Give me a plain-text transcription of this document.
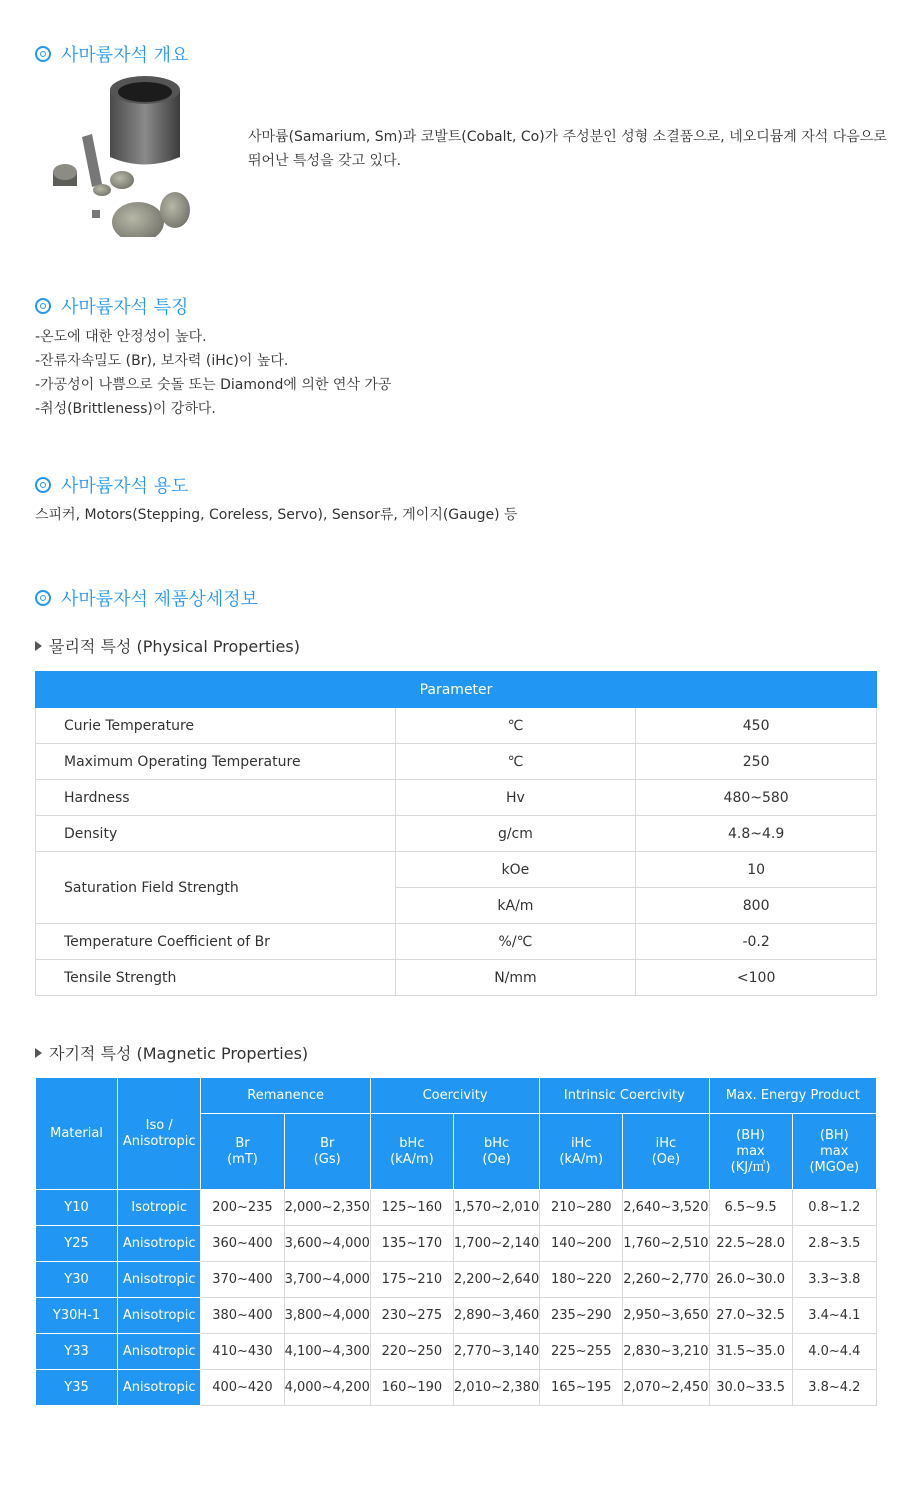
사마륨자석 개요
사마륨(Samarium, Sm)과 코발트(Cobalt, Co)가 주성분인 성형 소결품으로, 네오디뮴계 자석 다음으로
뛰어난 특성을 갖고 있다.
사마륨자석 특징
-온도에 대한 안정성이 높다.
-잔류자속밀도 (Br), 보자력 (iHc)이 높다.
-가공성이 나쁨으로 숫돌 또는 Diamond에 의한 연삭 가공
-취성(Brittleness)이 강하다.
사마륨자석 용도
스피커, Motors(Stepping, Coreless, Servo), Sensor류, 게이지(Gauge) 등
사마륨자석 제품상세정보
물리적 특성 (Physical Properties)
Parameter		
Curie Temperature	℃	450
Maximum Operating Temperature	℃	250
Hardness	Hv	480~580
Density	g/cm	4.8~4.9
Saturation Field Strength	kOe	10
	kA/m	800
Temperature Coefficient of Br	%/℃	-0.2
Tensile Strength	N/mm	<100
자기적 특성 (Magnetic Properties)
Material	Iso / Anisotropic	Remanence		Coercivity		Intrinsic Coercivity		Max. Energy Product	
		Br (mT)	Br (Gs)	bHc (kA/m)	bHc (Oe)	iHc (kA/m)	iHc (Oe)	(BH) max (KJ/㎥)	(BH) max (MGOe)
Y10	Isotropic	200~235	2,000~2,350	125~160	1,570~2,010	210~280	2,640~3,520	6.5~9.5	0.8~1.2
Y25	Anisotropic	360~400	3,600~4,000	135~170	1,700~2,140	140~200	1,760~2,510	22.5~28.0	2.8~3.5
Y30	Anisotropic	370~400	3,700~4,000	175~210	2,200~2,640	180~220	2,260~2,770	26.0~30.0	3.3~3.8
Y30H-1	Anisotropic	380~400	3,800~4,000	230~275	2,890~3,460	235~290	2,950~3,650	27.0~32.5	3.4~4.1
Y33	Anisotropic	410~430	4,100~4,300	220~250	2,770~3,140	225~255	2,830~3,210	31.5~35.0	4.0~4.4
Y35	Anisotropic	400~420	4,000~4,200	160~190	2,010~2,380	165~195	2,070~2,450	30.0~33.5	3.8~4.2
